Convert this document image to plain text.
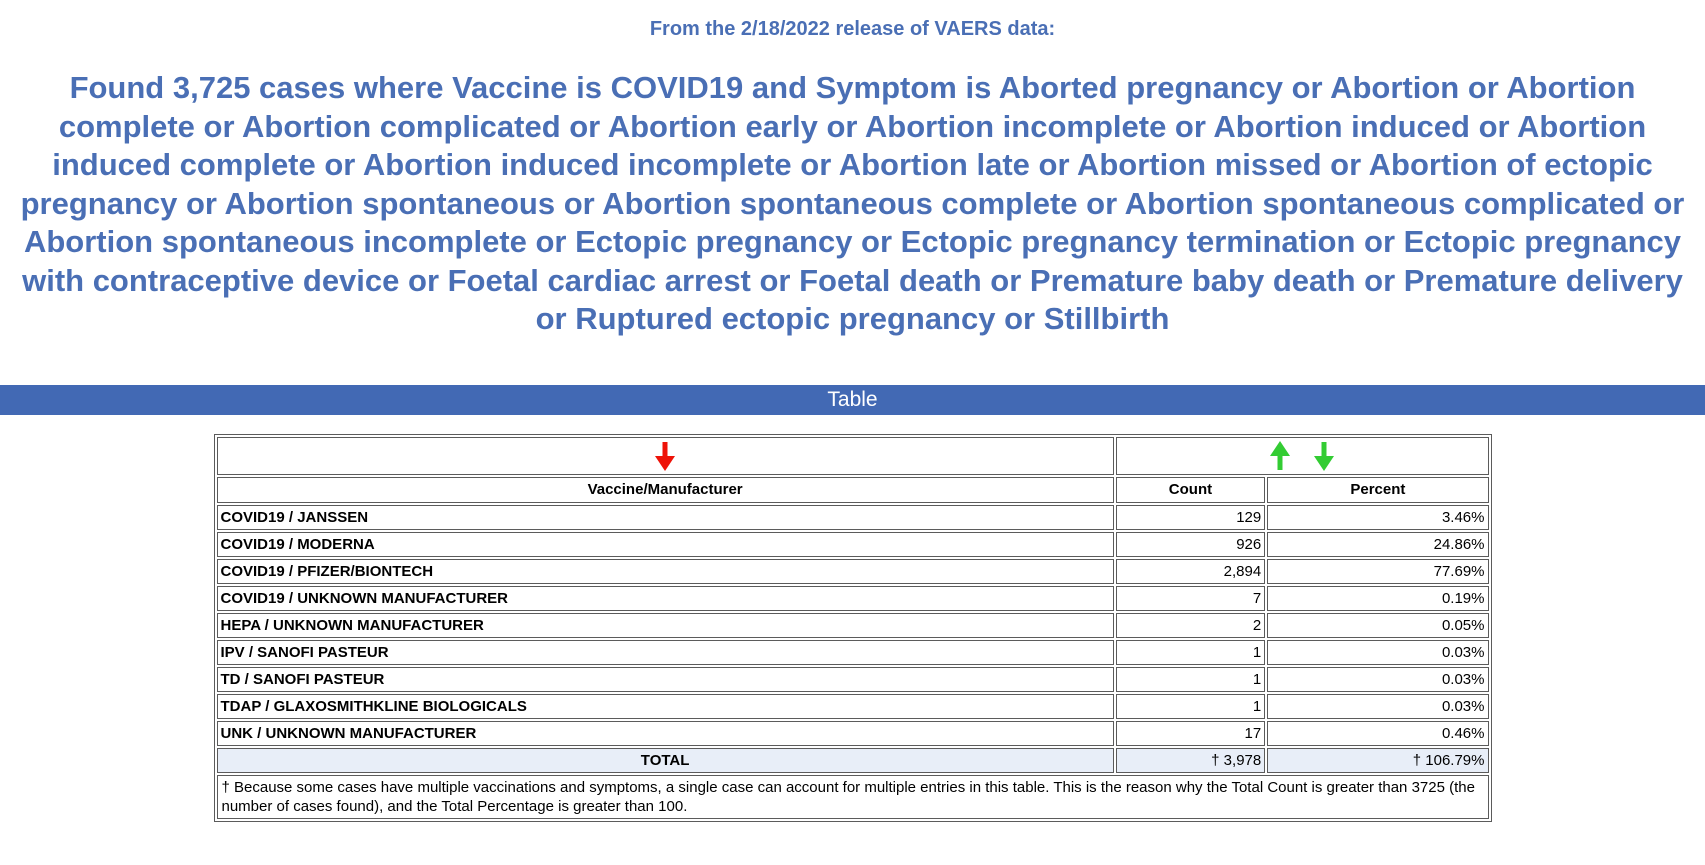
From the 2/18/2022 release of VAERS data:
Found 3,725 cases where Vaccine is COVID19 and Symptom is Aborted pregnancy or Abortion or Abortion complete or Abortion complicated or Abortion early or Abortion incomplete or Abortion induced or Abortion induced complete or Abortion induced incomplete or Abortion late or Abortion missed or Abortion of ectopic pregnancy or Abortion spontaneous or Abortion spontaneous complete or Abortion spontaneous complicated or Abortion spontaneous incomplete or Ectopic pregnancy or Ectopic pregnancy termination or Ectopic pregnancy with contraceptive device or Foetal cardiac arrest or Foetal death or Premature baby death or Premature delivery or Ruptured ectopic pregnancy or Stillbirth
Table

Vaccine/Manufacturer	Count	Percent
COVID19 / JANSSEN	129	3.46%
COVID19 / MODERNA	926	24.86%
COVID19 / PFIZER/BIONTECH	2,894	77.69%
COVID19 / UNKNOWN MANUFACTURER	7	0.19%
HEPA / UNKNOWN MANUFACTURER	2	0.05%
IPV / SANOFI PASTEUR	1	0.03%
TD / SANOFI PASTEUR	1	0.03%
TDAP / GLAXOSMITHKLINE BIOLOGICALS	1	0.03%
UNK / UNKNOWN MANUFACTURER	17	0.46%
TOTAL	† 3,978	† 106.79%
† Because some cases have multiple vaccinations and symptoms, a single case can account for multiple entries in this table. This is the reason why the Total Count is greater than 3725 (the number of cases found), and the Total Percentage is greater than 100.		
